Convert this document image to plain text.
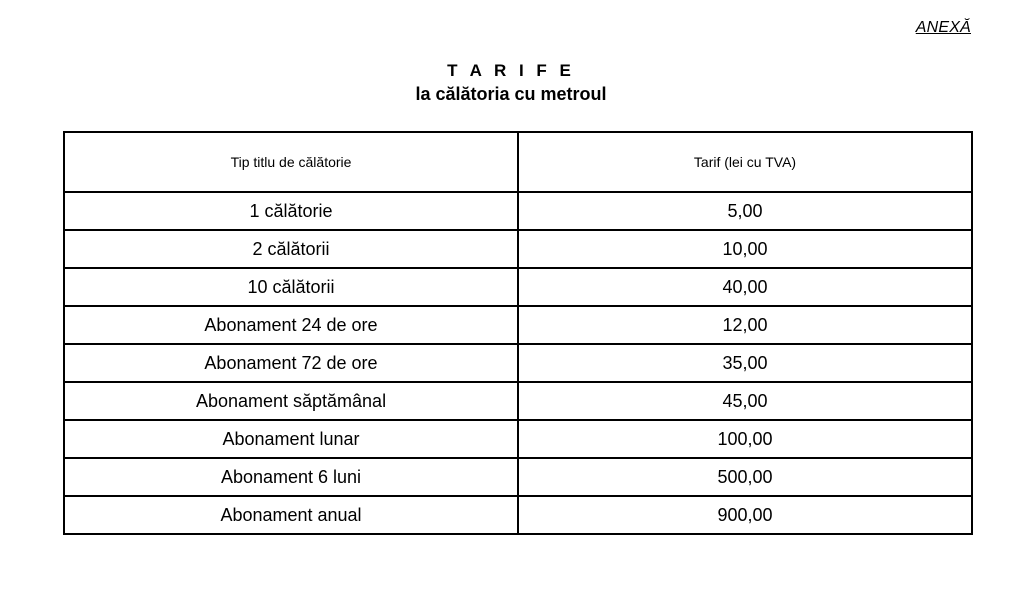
ANEXĂ
T A R I F E
la călătoria cu metroul
Tip titlu de călătorie	Tarif (lei cu TVA)
1 călătorie	5,00
2 călătorii	10,00
10 călătorii	40,00
Abonament 24 de ore	12,00
Abonament 72 de ore	35,00
Abonament săptămânal	45,00
Abonament lunar	100,00
Abonament 6 luni	500,00
Abonament anual	900,00
